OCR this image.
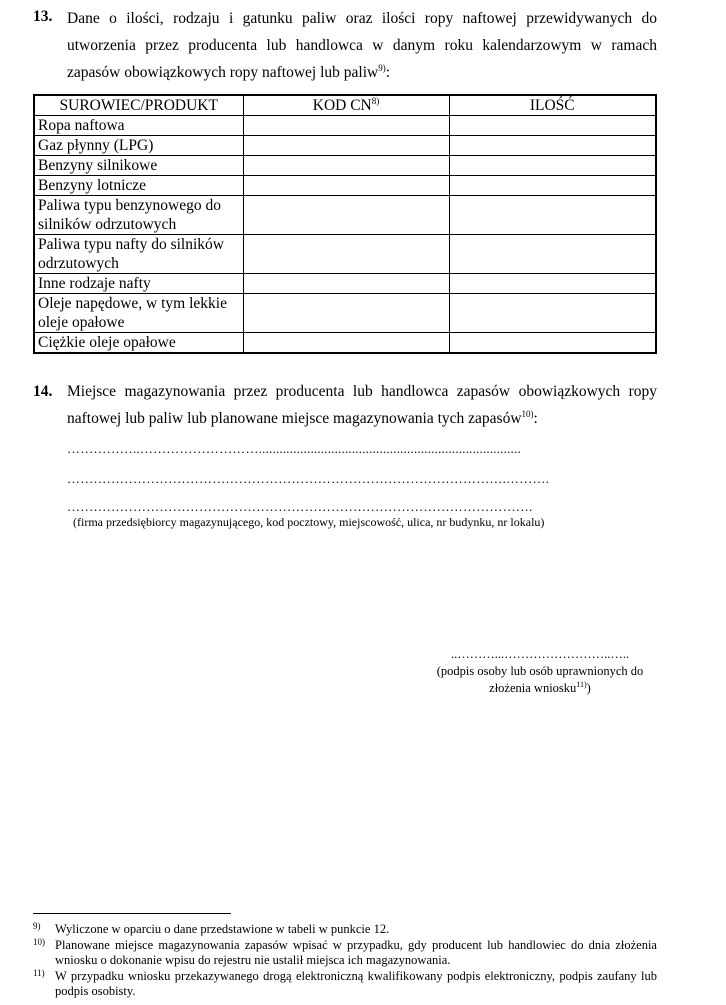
13. Dane o ilości, rodzaju i gatunku paliw oraz ilości ropy naftowej przewidywanych do utworzenia przez producenta lub handlowca w danym roku kalendarzowym w ramach zapasów obowiązkowych ropy naftowej lub paliw$^{9)}$:
SUROWIEC/PRODUKT	KOD CN$^{8)}$	ILOŚĆ
Ropa naftowa		
Gaz płynny (LPG)		
Benzyny silnikowe		
Benzyny lotnicze		
Paliwa typu benzynowego do silników odrzutowych		
Paliwa typu nafty do silników odrzutowych		
Inne rodzaje nafty		
Oleje napędowe, w tym lekkie oleje opałowe		
Ciężkie oleje opałowe		
14. Miejsce magazynowania przez producenta lub handlowca zapasów obowiązkowych ropy naftowej lub paliw lub planowane miejsce magazynowania tych zapasów$^{10)}$:
……………..………………………............................................................................
……………………………………………………………………………………….……….
…………………………………………………………………………………………….
(firma przedsiębiorcy magazynującego, kod pocztowy, miejscowość, ulica, nr budynku, nr lokalu)
..………...……………………..…..
(podpis osoby lub osób uprawnionych do
złożenia wniosku$^{11)}$)
9) Wyliczone w oparciu o dane przedstawione w tabeli w punkcie 12.
10) Planowane miejsce magazynowania zapasów wpisać w przypadku, gdy producent lub handlowiec do dnia złożenia wniosku o dokonanie wpisu do rejestru nie ustalił miejsca ich magazynowania.
11) W przypadku wniosku przekazywanego drogą elektroniczną kwalifikowany podpis elektroniczny, podpis zaufany lub podpis osobisty.
